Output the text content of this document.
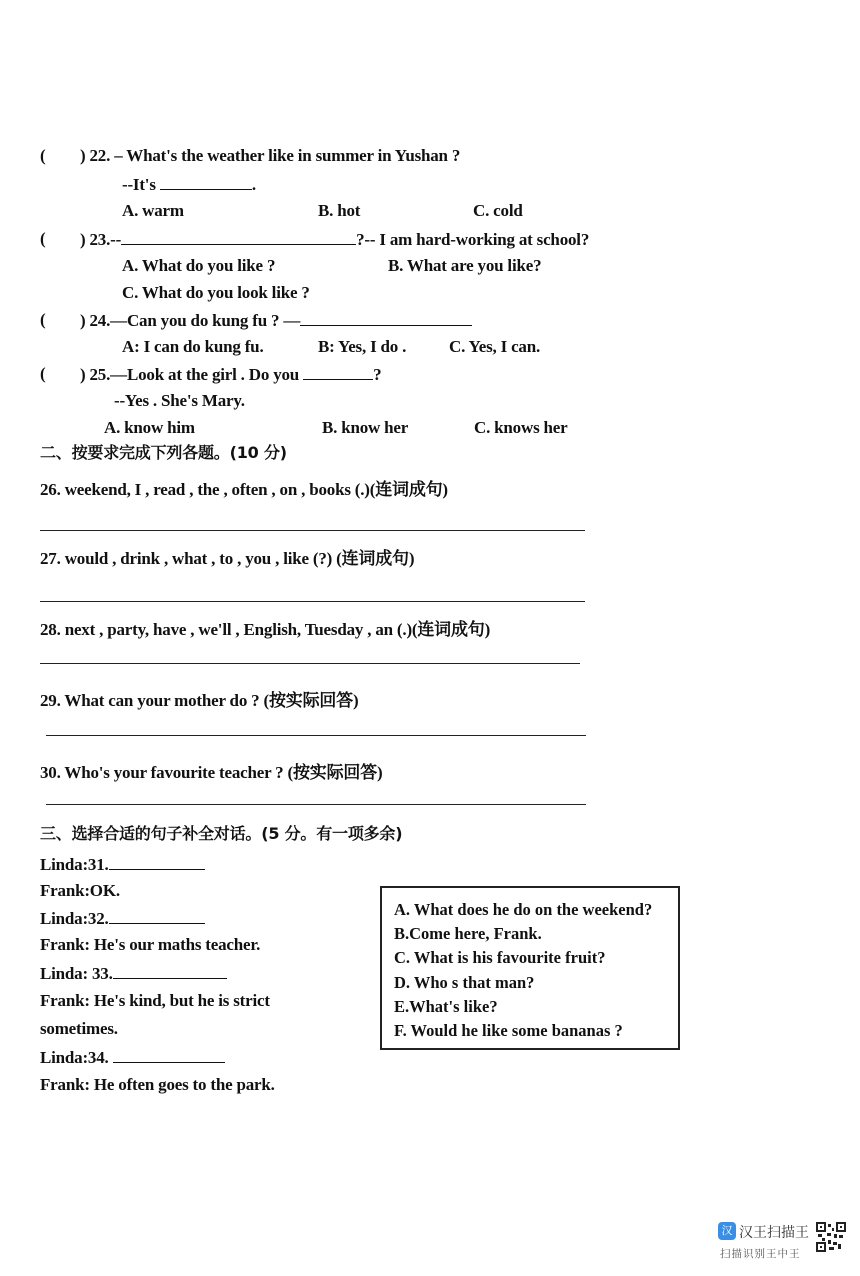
( ) 22. – What's the weather like in summer in Yushan ?
--It's	.
A. warm	B. hot	C. cold
( ) 23.--	?-- I am hard-working at school?
A. What do you like ?	B. What are you like?
C. What do you look like ?
( ) 24.—Can you do kung fu ? —
A: I can do kung fu.	B: Yes, I do .	C. Yes, I can.
( ) 25.—Look at the girl . Do you	?
--Yes . She's Mary.
A. know him	B. know her	C. knows her
二、按要求完成下列各题。(10 分)
26. weekend, I , read , the , often , on , books (.)(连词成句)
27. would , drink , what , to , you , like (?) (连词成句)
28. next , party, have , we'll , English, Tuesday , an (.)(连词成句)
29. What can your mother do ? (按实际回答)
30. Who's your favourite teacher ? (按实际回答)
三、选择合适的句子补全对话。(5 分。有一项多余)
Linda:31.
Frank:OK.
Linda:32.
Frank: He's our maths teacher.
Linda: 33.
Frank: He's kind, but he is strict
sometimes.
Linda:34.
Frank: He often goes to the park.
A. What does he do on the weekend?
B.Come here, Frank.
C. What is his favourite fruit?
D. Who s that man?
E.What's like?
F. Would he like some bananas ?
汉 汉王扫描王
扫描识别王中王
